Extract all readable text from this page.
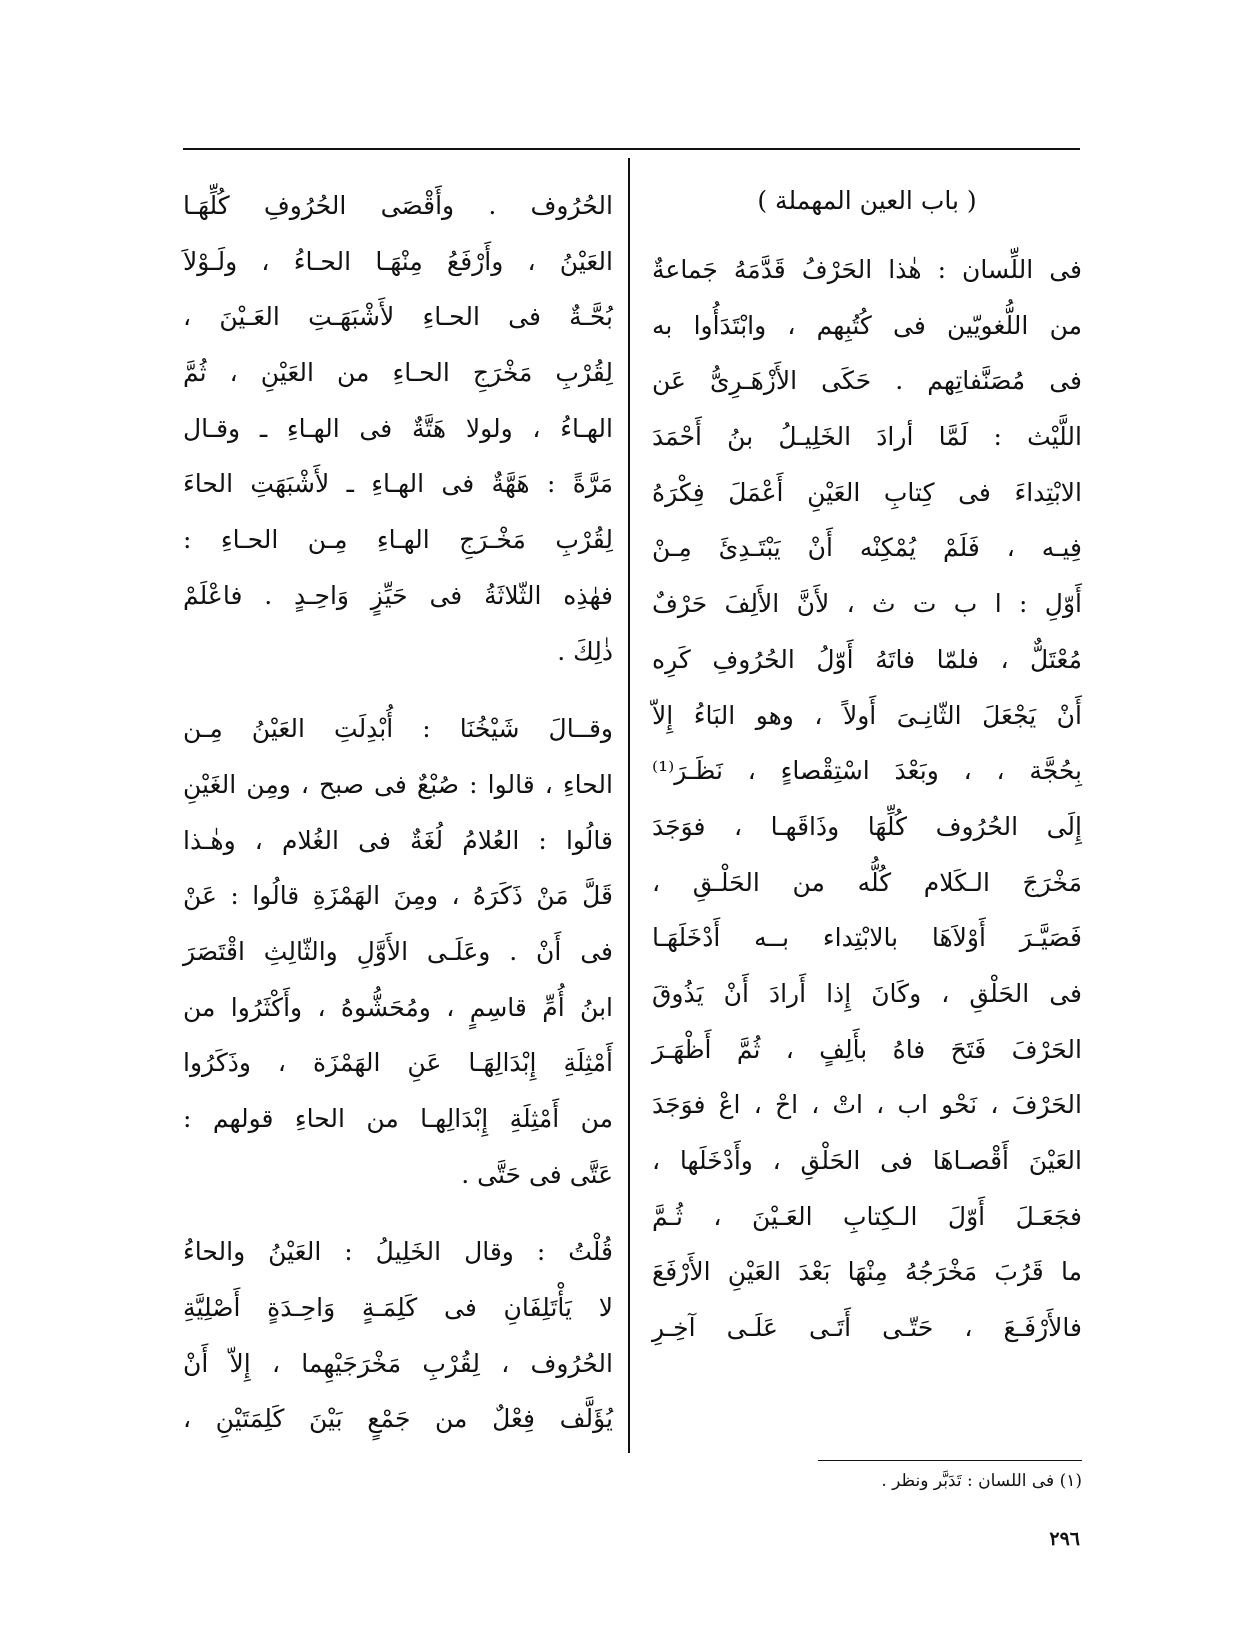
( باب العين المهملة )
فى اللِّسان : هٰذا الحَرْفُ قَدَّمَهُ جَماعةٌ
من اللُّغويّين فى كُتُبِهم ، وابْتَدَأُوا به
فى مُصَنَّفاتِهم . حَكَى الأَزْهَـرِىُّ عَن
اللَّيْث : لَمَّا أرادَ الخَلِيـلُ بنُ أَحْمَدَ
الابْتِداءَ فى كِتابِ العَيْنِ أَعْمَلَ فِكْرَهُ
فِيـه ، فَلَمْ يُمْكِنْه أَنْ يَبْتَـدِئَ مِـنْ
أَوّلِ : ا ب ت ث ، لأَنَّ الأَلِفَ حَرْفٌ
مُعْتَلٌّ ، فلمّا فاتَهُ أَوّلُ الحُرُوفِ كَرِه
أَنْ يَجْعَلَ الثّانِـىَ أَولاً ، وهو البَاءُ إِلاّ
بِحُجَّة ، ، وبَعْدَ اسْتِقْصاءٍ ، نَظَـرَ⁽¹⁾
إِلَى الحُرُوف كُلِّهَا وذَاقَهـا ، فوَجَدَ
مَخْرَجَ الـكَلام كُلُّه من الحَلْـقِ ،
فَصَيَّـرَ أَوْلاَهَا بالابْتِداء بــه أَدْخَلَهَـا
فى الحَلْقِ ، وكَانَ إِذا أَرادَ أَنْ يَذُوقَ
الحَرْفَ فَتَحَ فاهُ بأَلِفٍ ، ثُمَّ أَظْهَـرَ
الحَرْفَ ، نَحْو اب ، اتْ ، احْ ، اعْ فوَجَدَ
العَيْنَ أَقْصـاهَا فى الحَلْقِ ، وأَدْخَلَها ،
فجَعَـلَ أَوّلَ الـكِتابِ العَـيْنَ ، ثُـمَّ
ما قَرُبَ مَخْرَجُهُ مِنْهَا بَعْدَ العَيْنِ الأَرْفَعَ
فالأَرْفَـعَ ، حَتّـى أَتَـى عَلَـى آخِـرِ
الحُرُوف . وأَقْصَى الحُرُوفِ كُلِّهَـا
العَيْنُ ، وأَرْفَعُ مِنْهَـا الحـاءُ ، ولَـوْلاَ
بُحَّـةٌ فى الحـاءِ لأَشْبَهَـتِ العَـيْنَ ،
لِقُرْبِ مَخْرَجِ الحـاءِ من العَيْنِ ، ثُمَّ
الهـاءُ ، ولولا هَتَّةٌ فى الهـاءِ ـ وقـال
مَرَّةً : هَهَّةٌ فى الهـاءِ ـ لأَشْبَهَتِ الحاءَ
لِقُرْبِ مَخْـرَجِ الهـاءِ مِـن الحـاءِ :
فهٰذِه الثّلاثَةُ فى حَيِّزٍ وَاحِـدٍ . فاعْلَمْ
ذٰلِكَ .
وقــالَ شَيْخُنَا : أُبْدِلَتِ العَيْنُ مِـن
الحاءِ ، قالوا : صُبْعٌ فى صبح ، ومِن الغَيْنِ
قالُوا : العُلامُ لُغَةٌ فى الغُلام ، وهٰـذا
قَلَّ مَنْ ذَكَرَهُ ، ومِنَ الهَمْزَةِ قالُوا : عَنْ
فى أَنْ . وعَلَـى الأَوَّلِ والثّالِثِ اقْتَصَرَ
ابنُ أُمِّ قاسِمٍ ، ومُحَشُّوهُ ، وأَكْثَرُوا من
أَمْثِلَةِ إِبْدَالِهَـا عَنِ الهَمْزَة ، وذَكَرُوا
من أَمْثِلَةِ إِبْدَالِهـا من الحاءِ قولهم :
عَتَّى فى حَتَّى .
قُلْتُ : وقال الخَلِيلُ : العَيْنُ والحاءُ
لا يَأْتَلِفَانِ فى كَلِمَـةٍ وَاحِـدَةٍ أَصْلِيَّةِ
الحُرُوف ، لِقُرْبِ مَخْرَجَيْهِما ، إِلاّ أَنْ
يُؤَلَّف فِعْلٌ من جَمْعٍ بَيْنَ كَلِمَتَيْنِ ،
(١) فى اللسان : تَدَبَّر ونظر .
٢٩٦
